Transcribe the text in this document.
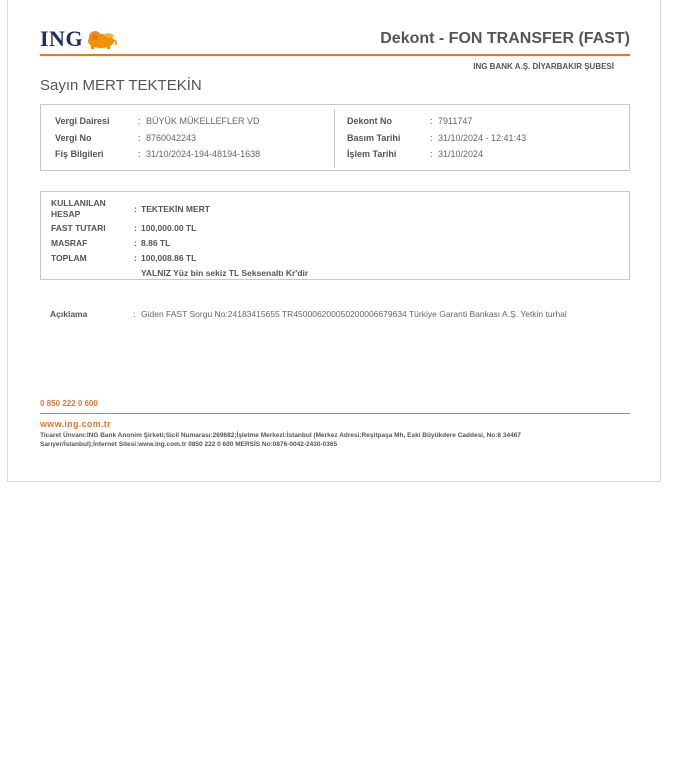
ING	Dekont - FON TRANSFER (FAST)
ING BANK A.Ş. DİYARBAKIR ŞUBESİ
Sayın MERT TEKTEKİN
Vergi Dairesi	: BÜYÜK MÜKELLEFLER VD
Vergi No	: 8760042243
Fiş Bilgileri	: 31/10/2024-194-48194-1638
Dekont No	: 7911747
Basım Tarihi	: 31/10/2024 - 12:41:43
İşlem Tarihi	: 31/10/2024
KULLANILAN
HESAP	: TEKTEKİN MERT
FAST TUTARI	: 100,000.00 TL
MASRAF	: 8.86 TL
TOPLAM	: 100,008.86 TL
YALNIZ Yüz bin sekiz TL Seksenaltı Kr'dir
Açıklama	: Giden FAST Sorgu No:24183415655 TR450006200050200006679634 Türkiye Garanti Bankası A.Ş. Yetkin turhal
0 850 222 0 600
www.ing.com.tr
Ticaret Ünvanı:ING Bank Anonim Şirketi;Sicil Numarası:269682;İşletme Merkezi:İstanbul (Merkez Adresi:Reşitpaşa Mh, Eski Büyükdere Caddesi, No:8 34467
Sarıyer/İstanbul);İnternet Sitesi:www.ing.com.tr 0850 222 0 600 MERSİS No:0876-0042-2430-0365
